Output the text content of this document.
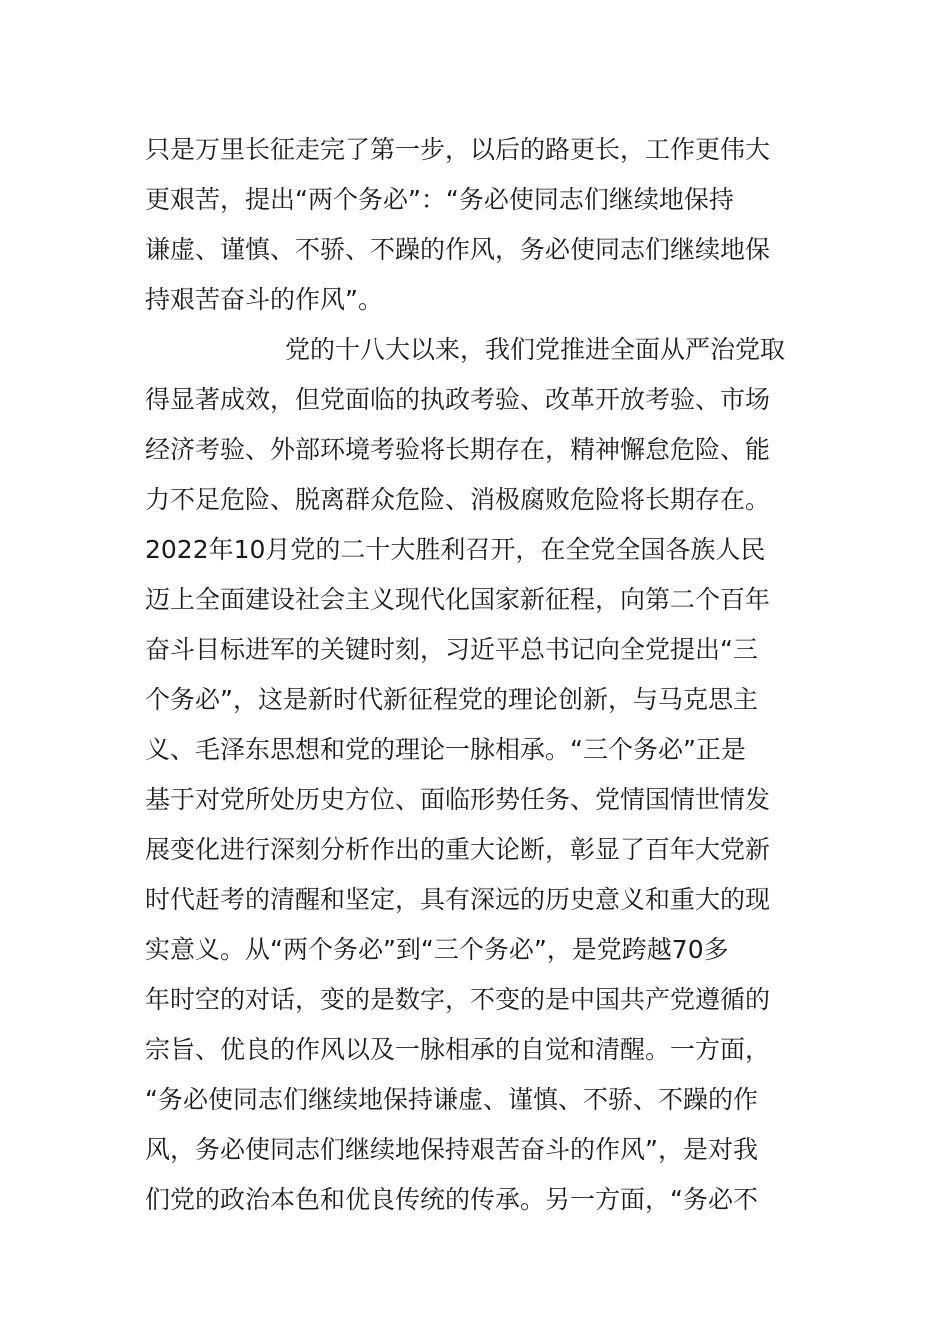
只是万里长征走完了第一步，以后的路更长，工作更伟大
更艰苦，提出“两个务必”：“务必使同志们继续地保持
谦虚、谨慎、不骄、不躁的作风，务必使同志们继续地保
持艰苦奋斗的作风”。
党的十八大以来，我们党推进全面从严治党取
得显著成效，但党面临的执政考验、改革开放考验、市场
经济考验、外部环境考验将长期存在，精神懈怠危险、能
力不足危险、脱离群众危险、消极腐败危险将长期存在。
2022年10月党的二十大胜利召开，在全党全国各族人民
迈上全面建设社会主义现代化国家新征程，向第二个百年
奋斗目标进军的关键时刻，习近平总书记向全党提出“三
个务必”，这是新时代新征程党的理论创新，与马克思主
义、毛泽东思想和党的理论一脉相承。“三个务必”正是
基于对党所处历史方位、面临形势任务、党情国情世情发
展变化进行深刻分析作出的重大论断，彰显了百年大党新
时代赶考的清醒和坚定，具有深远的历史意义和重大的现
实意义。从“两个务必”到“三个务必”，是党跨越70多
年时空的对话，变的是数字，不变的是中国共产党遵循的
宗旨、优良的作风以及一脉相承的自觉和清醒。一方面，
“务必使同志们继续地保持谦虚、谨慎、不骄、不躁的作
风，务必使同志们继续地保持艰苦奋斗的作风”，是对我
们党的政治本色和优良传统的传承。另一方面，“务必不
